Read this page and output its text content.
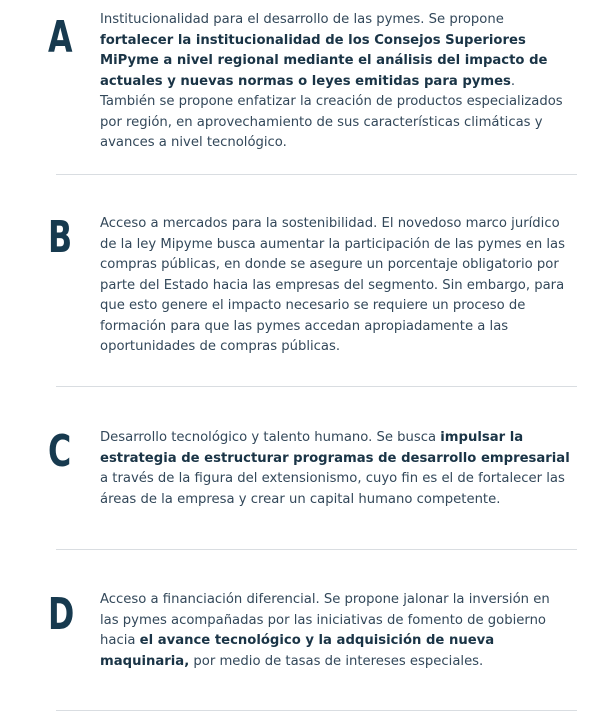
A Institucionalidad para el desarrollo de las pymes. Se propone fortalecer la institucionalidad de los Consejos Superiores MiPyme a nivel regional mediante el análisis del impacto de actuales y nuevas normas o leyes emitidas para pymes. También se propone enfatizar la creación de productos especializados por región, en aprovechamiento de sus características climáticas y avances a nivel tecnológico.

B Acceso a mercados para la sostenibilidad. El novedoso marco jurídico de la ley Mipyme busca aumentar la participación de las pymes en las compras públicas, en donde se asegure un porcentaje obligatorio por parte del Estado hacia las empresas del segmento. Sin embargo, para que esto genere el impacto necesario se requiere un proceso de formación para que las pymes accedan apropiadamente a las oportunidades de compras públicas.

C Desarrollo tecnológico y talento humano. Se busca impulsar la estrategia de estructurar programas de desarrollo empresarial a través de la figura del extensionismo, cuyo fin es el de fortalecer las áreas de la empresa y crear un capital humano competente.

D Acceso a financiación diferencial. Se propone jalonar la inversión en las pymes acompañadas por las iniciativas de fomento de gobierno hacia el avance tecnológico y la adquisición de nueva maquinaria, por medio de tasas de intereses especiales.
